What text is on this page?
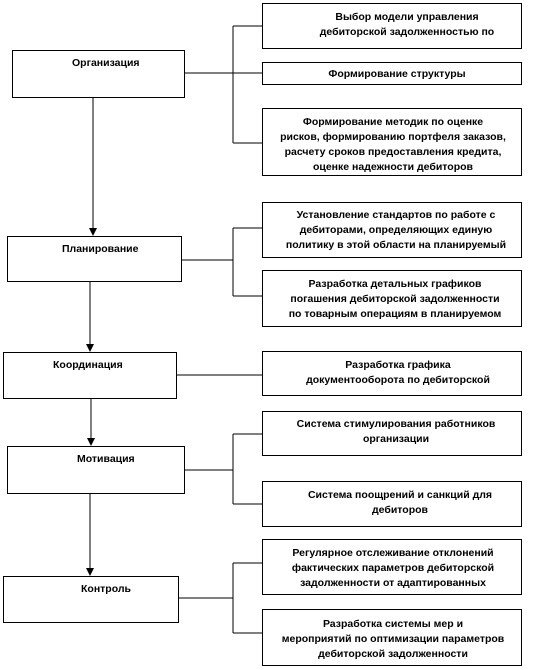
Организация
Планирование
Координация
Мотивация
Контроль
Выбор модели управления
дебиторской задолженностью по
Формирование структуры
Формирование методик по оценке
рисков, формированию портфеля заказов,
расчету сроков предоставления кредита,
оценке надежности дебиторов
Установление стандартов по работе с
дебиторами, определяющих единую
политику в этой области на планируемый
Разработка детальных графиков
погашения дебиторской задолженности
по товарным операциям в планируемом
Разработка графика
документооборота по дебиторской
Система стимулирования работников
организации
Система поощрений и санкций для
дебиторов
Регулярное отслеживание отклонений
фактических параметров дебиторской
задолженности от адаптированных
Разработка системы мер и
мероприятий по оптимизации параметров
дебиторской задолженности
